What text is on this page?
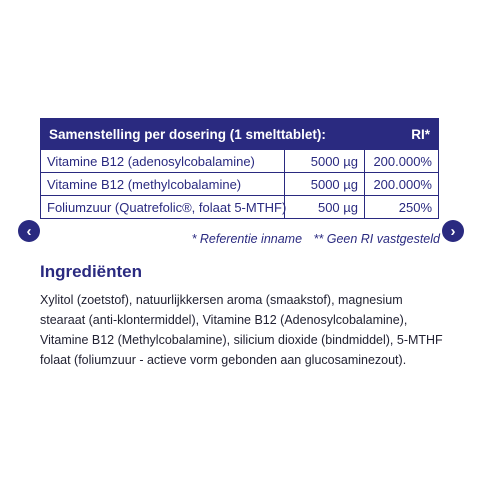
Samenstelling per dosering (1 smelttablet):		RI*
Vitamine B12 (adenosylcobalamine)	5000 µg	200.000%
Vitamine B12 (methylcobalamine)	5000 µg	200.000%
Foliumzuur (Quatrefolic®, folaat 5-MTHF)	500 µg	250%
‹	›
* Referentie inname ** Geen RI vastgesteld
Ingrediënten

Xylitol (zoetstof), natuurlijkkersen aroma (smaakstof), magnesium stearaat (anti-klontermiddel), Vitamine B12 (Adenosylcobalamine), Vitamine B12 (Methylcobalamine), silicium dioxide (bindmiddel), 5-MTHF folaat (foliumzuur - actieve vorm gebonden aan glucosaminezout).
